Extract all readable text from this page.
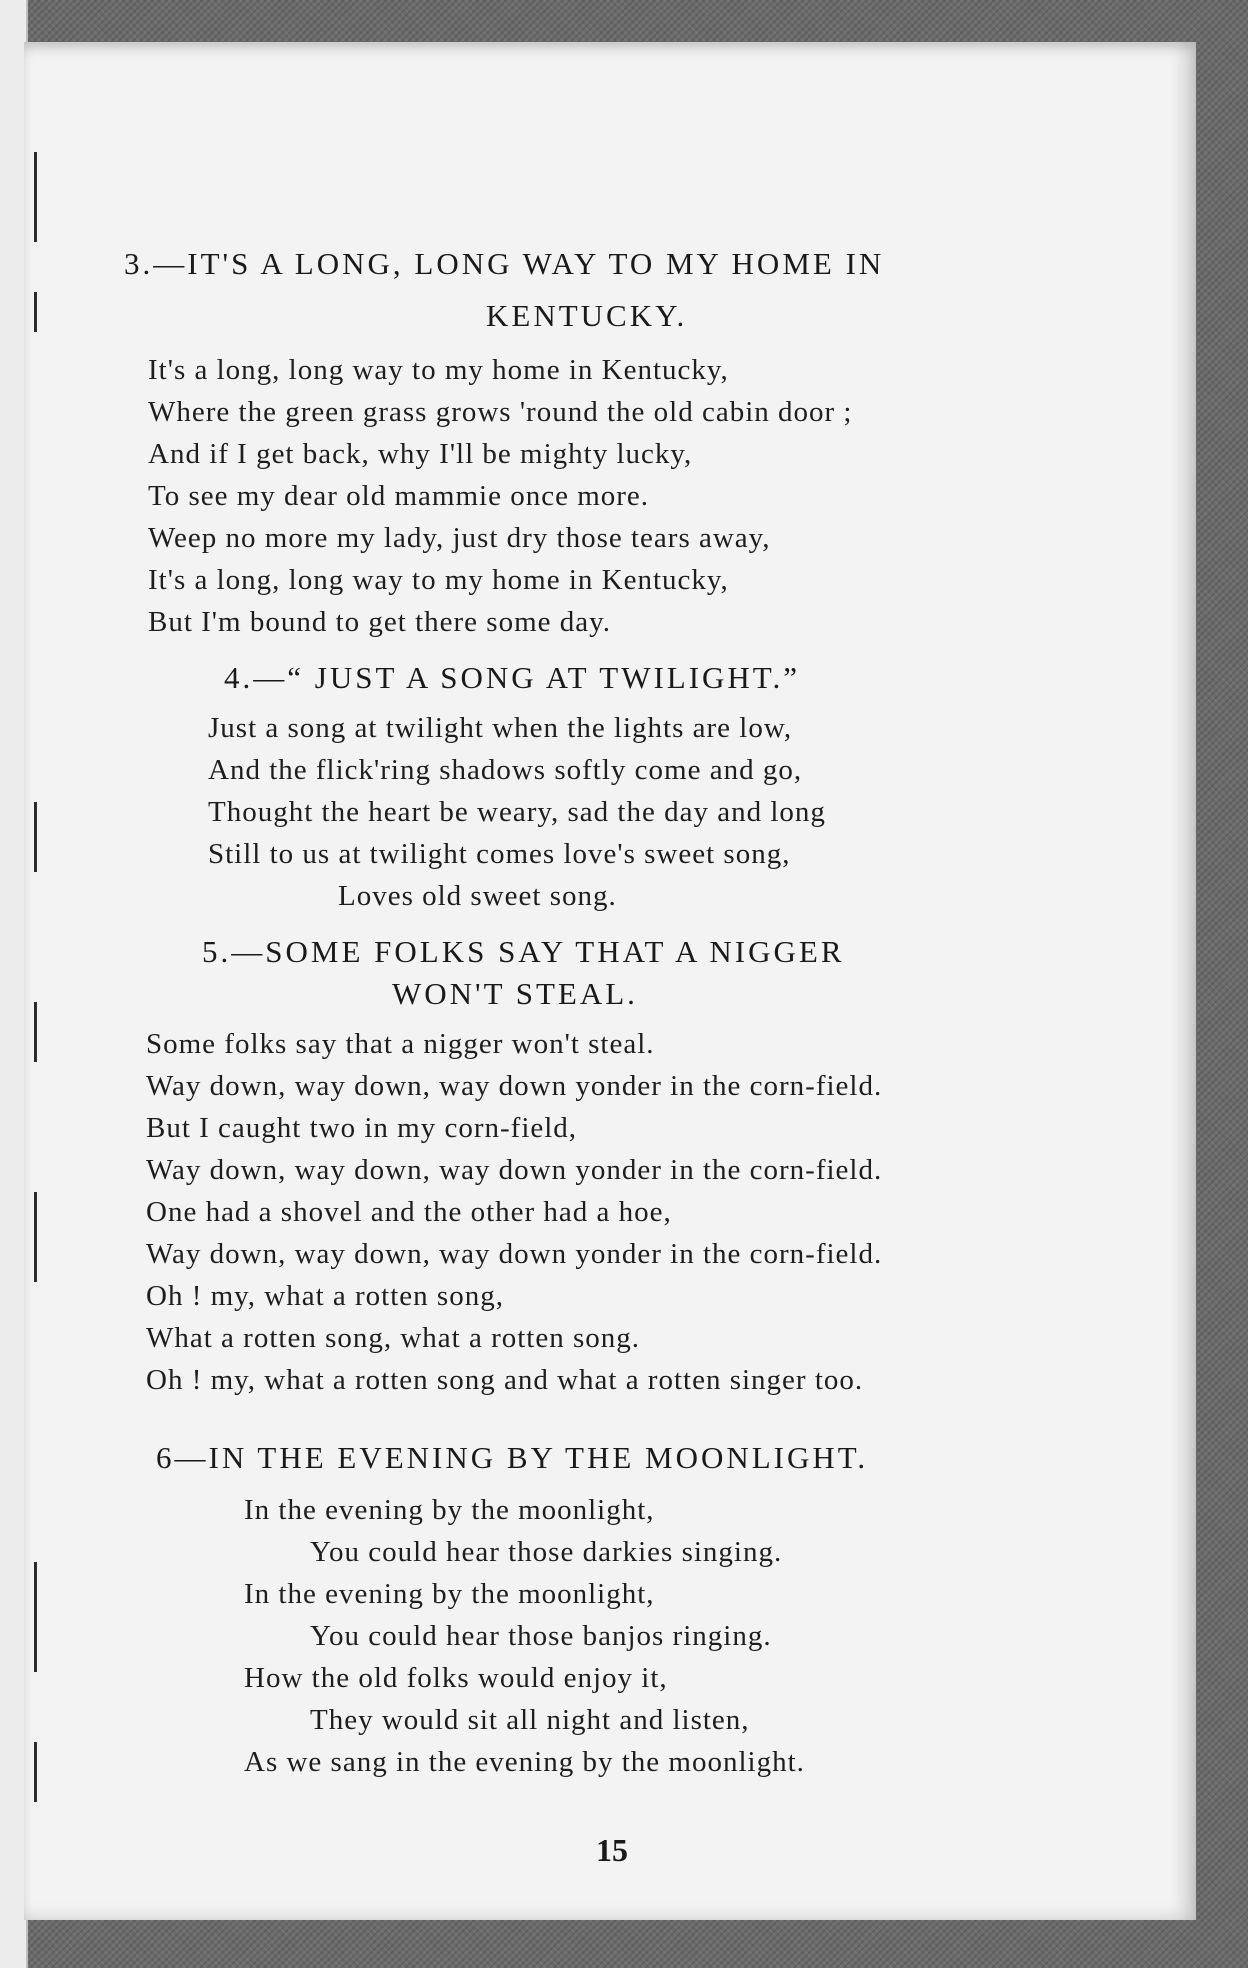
3.—IT'S A LONG, LONG WAY TO MY HOME IN
KENTUCKY.
It's a long, long way to my home in Kentucky,
Where the green grass grows 'round the old cabin door ;
And if I get back, why I'll be mighty lucky,
To see my dear old mammie once more.
Weep no more my lady, just dry those tears away,
It's a long, long way to my home in Kentucky,
But I'm bound to get there some day.
4.—“ JUST A SONG AT TWILIGHT.”
Just a song at twilight when the lights are low,
And the flick'ring shadows softly come and go,
Thought the heart be weary, sad the day and long
Still to us at twilight comes love's sweet song,
Loves old sweet song.
5.—SOME FOLKS SAY THAT A NIGGER
WON'T STEAL.
Some folks say that a nigger won't steal.
Way down, way down, way down yonder in the corn-field.
But I caught two in my corn-field,
Way down, way down, way down yonder in the corn-field.
One had a shovel and the other had a hoe,
Way down, way down, way down yonder in the corn-field.
Oh ! my, what a rotten song,
What a rotten song, what a rotten song.
Oh ! my, what a rotten song and what a rotten singer too.
6—IN THE EVENING BY THE MOONLIGHT.
In the evening by the moonlight,
You could hear those darkies singing.
In the evening by the moonlight,
You could hear those banjos ringing.
How the old folks would enjoy it,
They would sit all night and listen,
As we sang in the evening by the moonlight.
15
